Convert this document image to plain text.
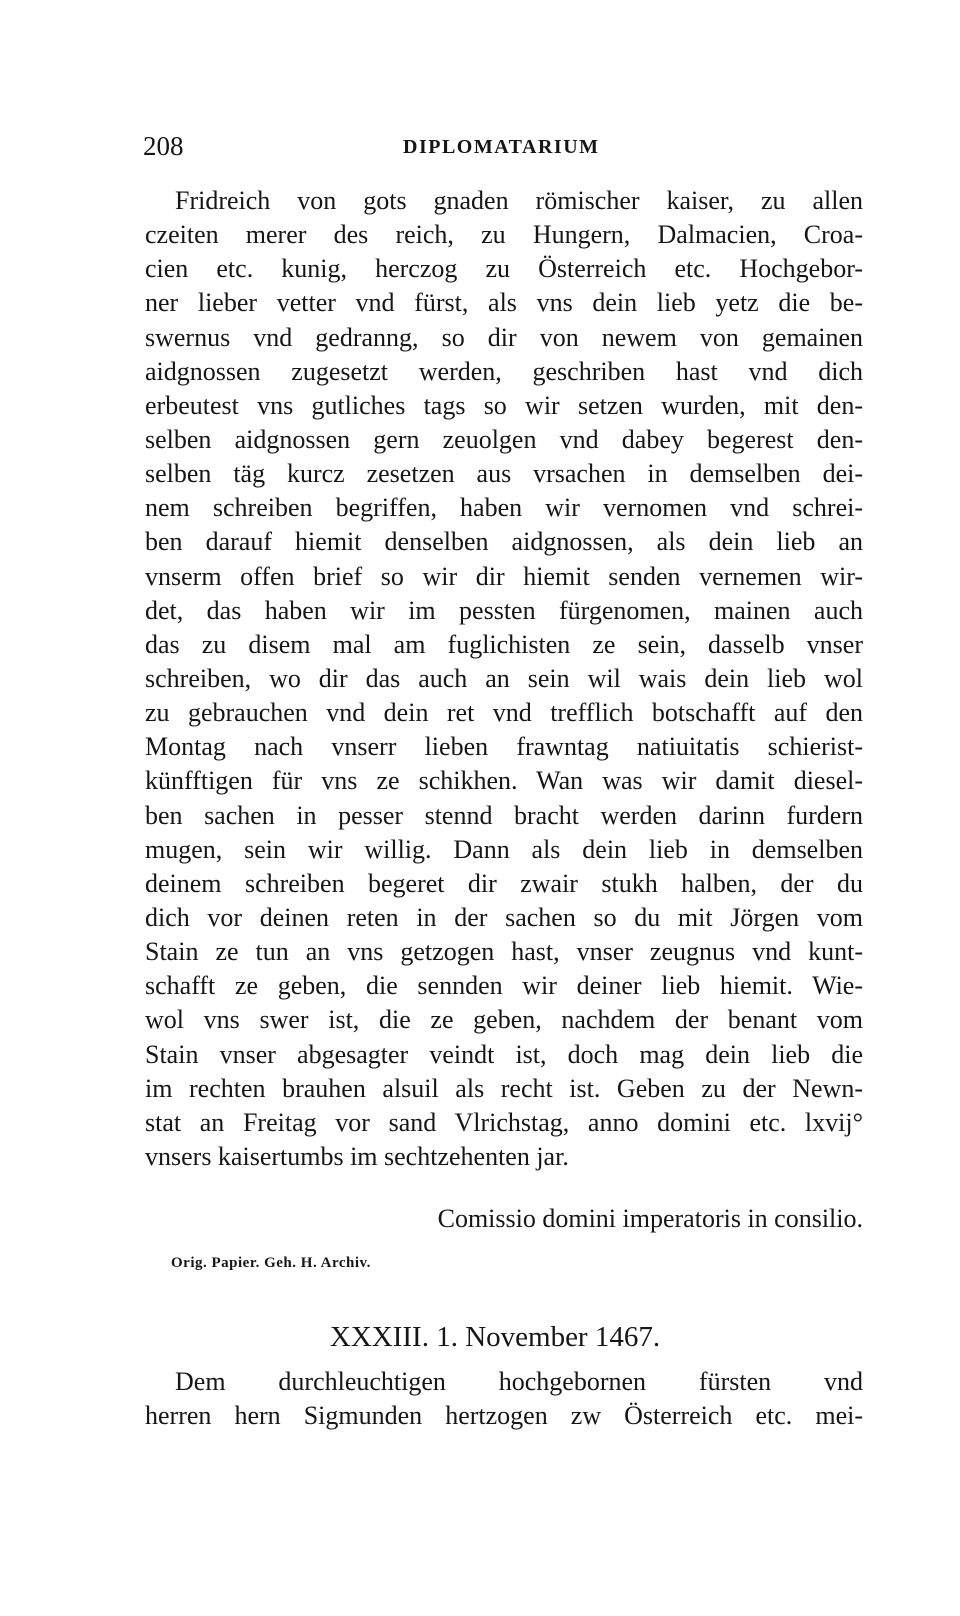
208	DIPLOMATARIUM
Fridreich von gots gnaden römischer kaiser, zu allen
czeiten merer des reich, zu Hungern, Dalmacien, Croa-
cien etc. kunig, herczog zu Österreich etc. Hochgebor-
ner lieber vetter vnd fürst, als vns dein lieb yetz die be-
swernus vnd gedranng, so dir von newem von gemainen
aidgnossen zugesetzt werden, geschriben hast vnd dich
erbeutest vns gutliches tags so wir setzen wurden, mit den-
selben aidgnossen gern zeuolgen vnd dabey begerest den-
selben täg kurcz zesetzen aus vrsachen in demselben dei-
nem schreiben begriffen, haben wir vernomen vnd schrei-
ben darauf hiemit denselben aidgnossen, als dein lieb an
vnserm offen brief so wir dir hiemit senden vernemen wir-
det, das haben wir im pessten fürgenomen, mainen auch
das zu disem mal am fuglichisten ze sein, dasselb vnser
schreiben, wo dir das auch an sein wil wais dein lieb wol
zu gebrauchen vnd dein ret vnd trefflich botschafft auf den
Montag nach vnserr lieben frawntag natiuitatis schierist-
künfftigen für vns ze schikhen. Wan was wir damit diesel-
ben sachen in pesser stennd bracht werden darinn furdern
mugen, sein wir willig. Dann als dein lieb in demselben
deinem schreiben begeret dir zwair stukh halben, der du
dich vor deinen reten in der sachen so du mit Jörgen vom
Stain ze tun an vns getzogen hast, vnser zeugnus vnd kunt-
schafft ze geben, die sennden wir deiner lieb hiemit. Wie-
wol vns swer ist, die ze geben, nachdem der benant vom
Stain vnser abgesagter veindt ist, doch mag dein lieb die
im rechten brauhen alsuil als recht ist. Geben zu der Newn-
stat an Freitag vor sand Vlrichstag, anno domini etc. lxvij°
vnsers kaisertumbs im sechtzehenten jar.
Comissio domini imperatoris in consilio.
Orig. Papier. Geh. H. Archiv.
XXXIII. 1. November 1467.
Dem durchleuchtigen hochgebornen fürsten vnd
herren hern Sigmunden hertzogen zw Österreich etc. mei-
